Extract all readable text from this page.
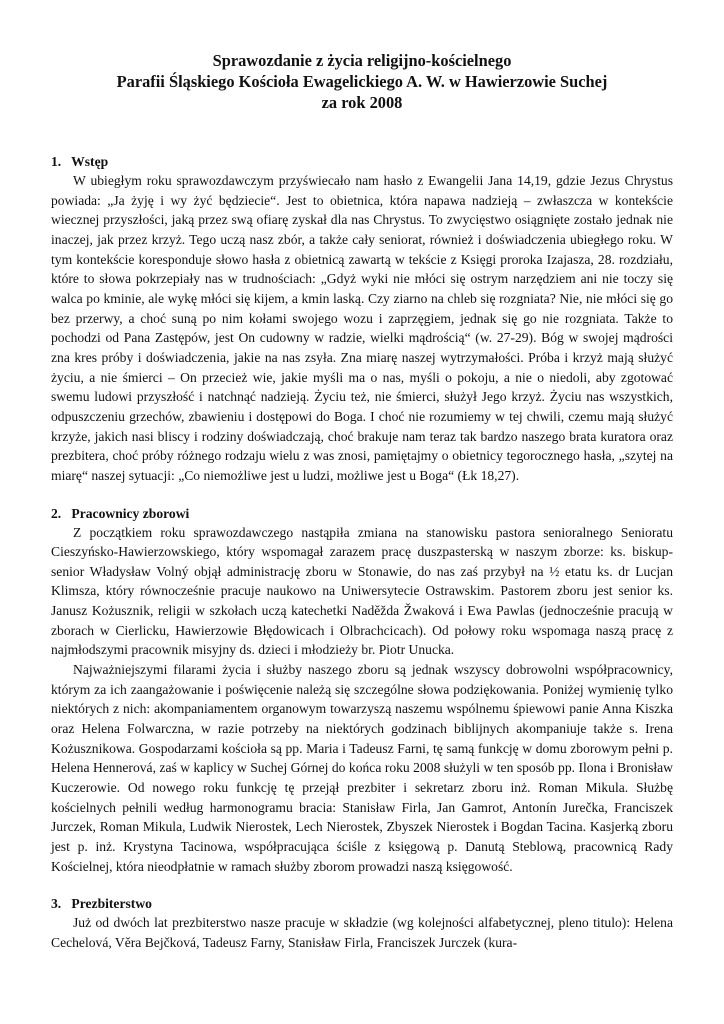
Sprawozdanie z życia religijno-kościelnego
Parafii Śląskiego Kościoła Ewagelickiego A. W. w Hawierzowie Suchej
za rok 2008
1. Wstęp

W ubiegłym roku sprawozdawczym przyświecało nam hasło z Ewangelii Jana 14,19, gdzie Jezus Chrystus powiada: „Ja żyję i wy żyć będziecie“. Jest to obietnica, która napawa nadzieją – zwłaszcza w kontekście wiecznej przyszłości, jaką przez swą ofiarę zyskał dla nas Chrystus. To zwycięstwo osiągnięte zostało jednak nie inaczej, jak przez krzyż. Tego uczą nasz zbór, a także cały seniorat, również i doświadczenia ubiegłego roku. W tym kontekście koresponduje słowo hasła z obietnicą zawartą w tekście z Księgi proroka Izajasza, 28. rozdziału, które to słowa pokrzepiały nas w trudnościach: „Gdyż wyki nie młóci się ostrym narzędziem ani nie toczy się walca po kminie, ale wykę młóci się kijem, a kmin laską. Czy ziarno na chleb się rozgniata? Nie, nie młóci się go bez przerwy, a choć suną po nim kołami swojego wozu i zaprzęgiem, jednak się go nie rozgniata. Także to pochodzi od Pana Zastępów, jest On cudowny w radzie, wielki mądrością“ (w. 27-29). Bóg w swojej mądrości zna kres próby i doświadczenia, jakie na nas zsyła. Zna miarę naszej wytrzymałości. Próba i krzyż mają służyć życiu, a nie śmierci – On przecież wie, jakie myśli ma o nas, myśli o pokoju, a nie o niedoli, aby zgotować swemu ludowi przyszłość i natchnąć nadzieją. Życiu też, nie śmierci, służył Jego krzyż. Życiu nas wszystkich, odpuszczeniu grzechów, zbawieniu i dostępowi do Boga. I choć nie rozumiemy w tej chwili, czemu mają służyć krzyże, jakich nasi bliscy i rodziny doświadczają, choć brakuje nam teraz tak bardzo naszego brata kuratora oraz prezbitera, choć próby różnego rodzaju wielu z was znosi, pamiętajmy o obietnicy tegorocznego hasła, „szytej na miarę“ naszej sytuacji: „Co niemożliwe jest u ludzi, możliwe jest u Boga“ (Łk 18,27).

2. Pracownicy zborowi

Z początkiem roku sprawozdawczego nastąpiła zmiana na stanowisku pastora senioralnego Senioratu Cieszyńsko-Hawierzowskiego, który wspomagał zarazem pracę duszpasterską w naszym zborze: ks. biskup-senior Władysław Volný objął administrację zboru w Stonawie, do nas zaś przybył na ½ etatu ks. dr Lucjan Klimsza, który równocześnie pracuje naukowo na Uniwersytecie Ostrawskim. Pastorem zboru jest senior ks. Janusz Kożusznik, religii w szkołach uczą katechetki Naděžda Žwaková i Ewa Pawlas (jednocześnie pracują w zborach w Cierlicku, Hawierzowie Błędowicach i Olbrachcicach). Od połowy roku wspomaga naszą pracę z najmłodszymi pracownik misyjny ds. dzieci i młodzieży br. Piotr Unucka.

Najważniejszymi filarami życia i służby naszego zboru są jednak wszyscy dobrowolni współpracownicy, którym za ich zaangażowanie i poświęcenie należą się szczególne słowa podziękowania. Poniżej wymienię tylko niektórych z nich: akompaniamentem organowym towarzyszą naszemu wspólnemu śpiewowi panie Anna Kiszka oraz Helena Folwarczna, w razie potrzeby na niektórych godzinach biblijnych akompaniuje także s. Irena Kożusznikowa. Gospodarzami kościoła są pp. Maria i Tadeusz Farni, tę samą funkcję w domu zborowym pełni p. Helena Hennerová, zaś w kaplicy w Suchej Górnej do końca roku 2008 służyli w ten sposób pp. Ilona i Bronisław Kuczerowie. Od nowego roku funkcję tę przejął prezbiter i sekretarz zboru inż. Roman Mikula. Służbę kościelnych pełnili według harmonogramu bracia: Stanisław Firla, Jan Gamrot, Antonín Jurečka, Franciszek Jurczek, Roman Mikula, Ludwik Nierostek, Lech Nierostek, Zbyszek Nierostek i Bogdan Tacina. Kasjerką zboru jest p. inż. Krystyna Tacinowa, współpracująca ściśle z księgową p. Danutą Steblową, pracownicą Rady Kościelnej, która nieodpłatnie w ramach służby zborom prowadzi naszą księgowość.

3. Prezbiterstwo

Już od dwóch lat prezbiterstwo nasze pracuje w składzie (wg kolejności alfabetycznej, pleno titulo): Helena Cechelová, Věra Bejčková, Tadeusz Farny, Stanisław Firla, Franciszek Jurczek (kura-
